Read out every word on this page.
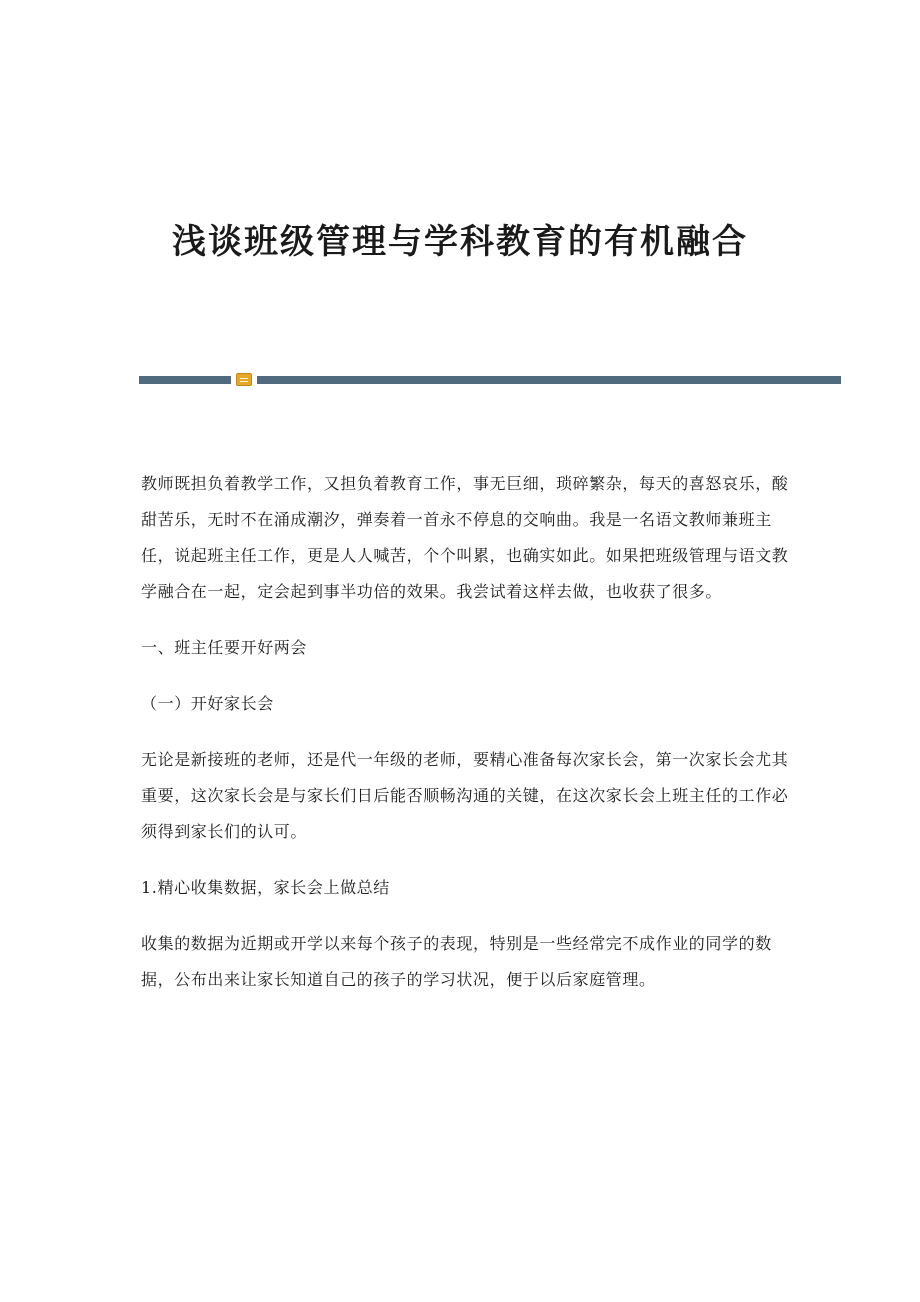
浅谈班级管理与学科教育的有机融合

教师既担负着教学工作，又担负着教育工作，事无巨细，琐碎繁杂，每天的喜怒哀乐，酸甜苦乐，无时不在涌成潮汐，弹奏着一首永不停息的交响曲。我是一名语文教师兼班主任，说起班主任工作，更是人人喊苦，个个叫累，也确实如此。如果把班级管理与语文教学融合在一起，定会起到事半功倍的效果。我尝试着这样去做，也收获了很多。

一、班主任要开好两会

（一）开好家长会

无论是新接班的老师，还是代一年级的老师，要精心准备每次家长会，第一次家长会尤其重要，这次家长会是与家长们日后能否顺畅沟通的关键，在这次家长会上班主任的工作必须得到家长们的认可。

1.精心收集数据，家长会上做总结

收集的数据为近期或开学以来每个孩子的表现，特别是一些经常完不成作业的同学的数据，公布出来让家长知道自己的孩子的学习状况，便于以后家庭管理。
